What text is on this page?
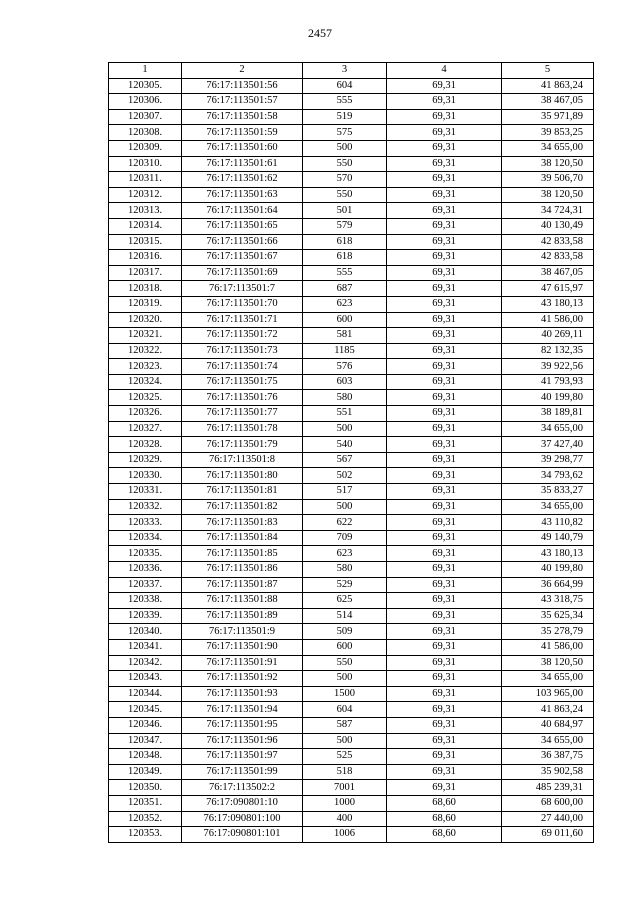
2457
1	2	3	4	5
120305.	76:17:113501:56	604	69,31	41 863,24
120306.	76:17:113501:57	555	69,31	38 467,05
120307.	76:17:113501:58	519	69,31	35 971,89
120308.	76:17:113501:59	575	69,31	39 853,25
120309.	76:17:113501:60	500	69,31	34 655,00
120310.	76:17:113501:61	550	69,31	38 120,50
120311.	76:17:113501:62	570	69,31	39 506,70
120312.	76:17:113501:63	550	69,31	38 120,50
120313.	76:17:113501:64	501	69,31	34 724,31
120314.	76:17:113501:65	579	69,31	40 130,49
120315.	76:17:113501:66	618	69,31	42 833,58
120316.	76:17:113501:67	618	69,31	42 833,58
120317.	76:17:113501:69	555	69,31	38 467,05
120318.	76:17:113501:7	687	69,31	47 615,97
120319.	76:17:113501:70	623	69,31	43 180,13
120320.	76:17:113501:71	600	69,31	41 586,00
120321.	76:17:113501:72	581	69,31	40 269,11
120322.	76:17:113501:73	1185	69,31	82 132,35
120323.	76:17:113501:74	576	69,31	39 922,56
120324.	76:17:113501:75	603	69,31	41 793,93
120325.	76:17:113501:76	580	69,31	40 199,80
120326.	76:17:113501:77	551	69,31	38 189,81
120327.	76:17:113501:78	500	69,31	34 655,00
120328.	76:17:113501:79	540	69,31	37 427,40
120329.	76:17:113501:8	567	69,31	39 298,77
120330.	76:17:113501:80	502	69,31	34 793,62
120331.	76:17:113501:81	517	69,31	35 833,27
120332.	76:17:113501:82	500	69,31	34 655,00
120333.	76:17:113501:83	622	69,31	43 110,82
120334.	76:17:113501:84	709	69,31	49 140,79
120335.	76:17:113501:85	623	69,31	43 180,13
120336.	76:17:113501:86	580	69,31	40 199,80
120337.	76:17:113501:87	529	69,31	36 664,99
120338.	76:17:113501:88	625	69,31	43 318,75
120339.	76:17:113501:89	514	69,31	35 625,34
120340.	76:17:113501:9	509	69,31	35 278,79
120341.	76:17:113501:90	600	69,31	41 586,00
120342.	76:17:113501:91	550	69,31	38 120,50
120343.	76:17:113501:92	500	69,31	34 655,00
120344.	76:17:113501:93	1500	69,31	103 965,00
120345.	76:17:113501:94	604	69,31	41 863,24
120346.	76:17:113501:95	587	69,31	40 684,97
120347.	76:17:113501:96	500	69,31	34 655,00
120348.	76:17:113501:97	525	69,31	36 387,75
120349.	76:17:113501:99	518	69,31	35 902,58
120350.	76:17:113502:2	7001	69,31	485 239,31
120351.	76:17:090801:10	1000	68,60	68 600,00
120352.	76:17:090801:100	400	68,60	27 440,00
120353.	76:17:090801:101	1006	68,60	69 011,60
